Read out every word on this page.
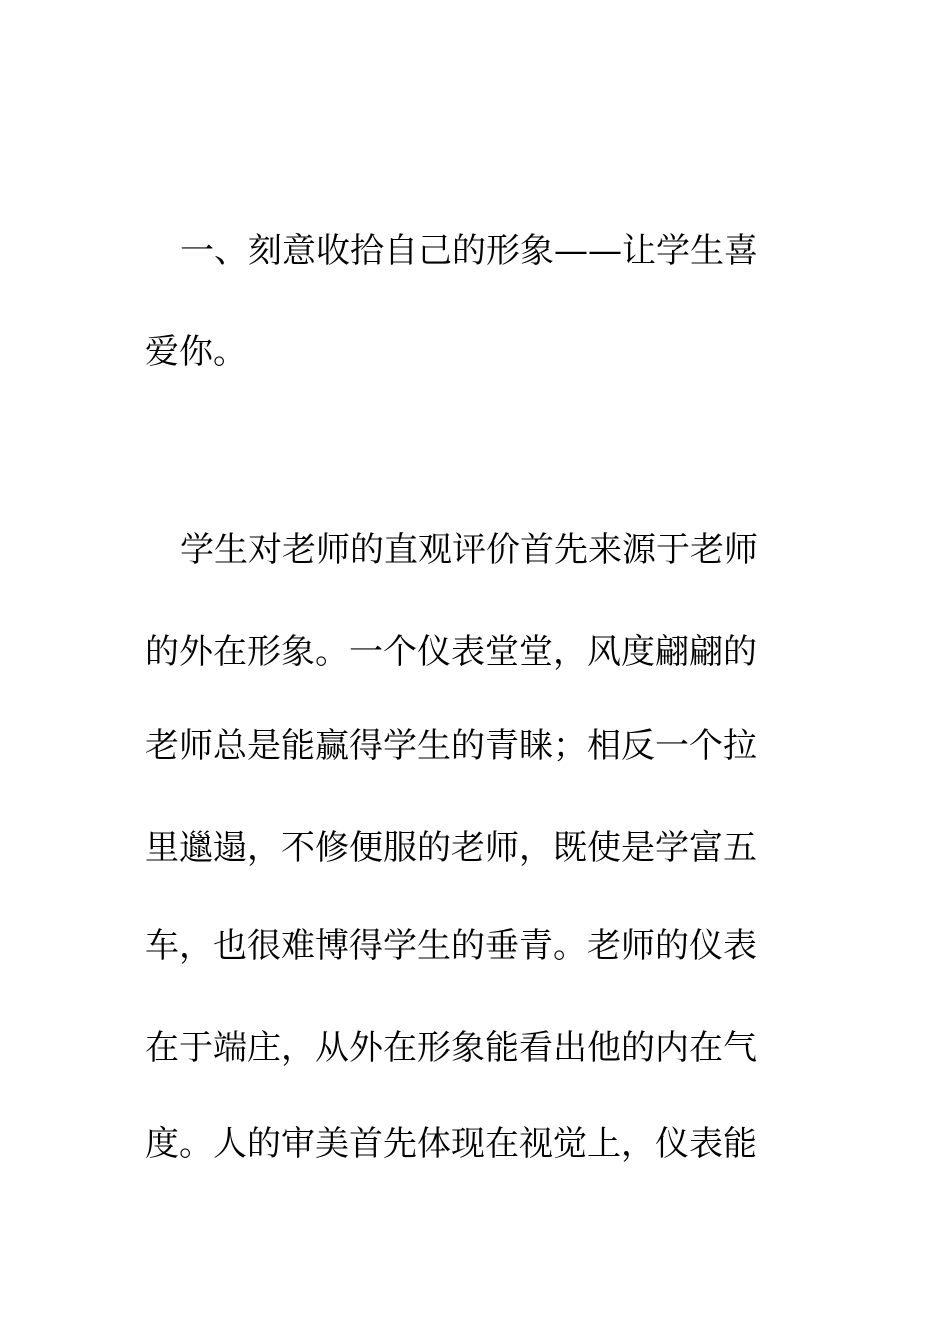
一、刻意收拾自己的形象——让学生喜
爱你。
学生对老师的直观评价首先来源于老师
的外在形象。一个仪表堂堂，风度翩翩的
老师总是能赢得学生的青睐；相反一个拉
里邋遢，不修便服的老师，既使是学富五
车，也很难博得学生的垂青。老师的仪表
在于端庄，从外在形象能看出他的内在气
度。人的审美首先体现在视觉上，仪表能
